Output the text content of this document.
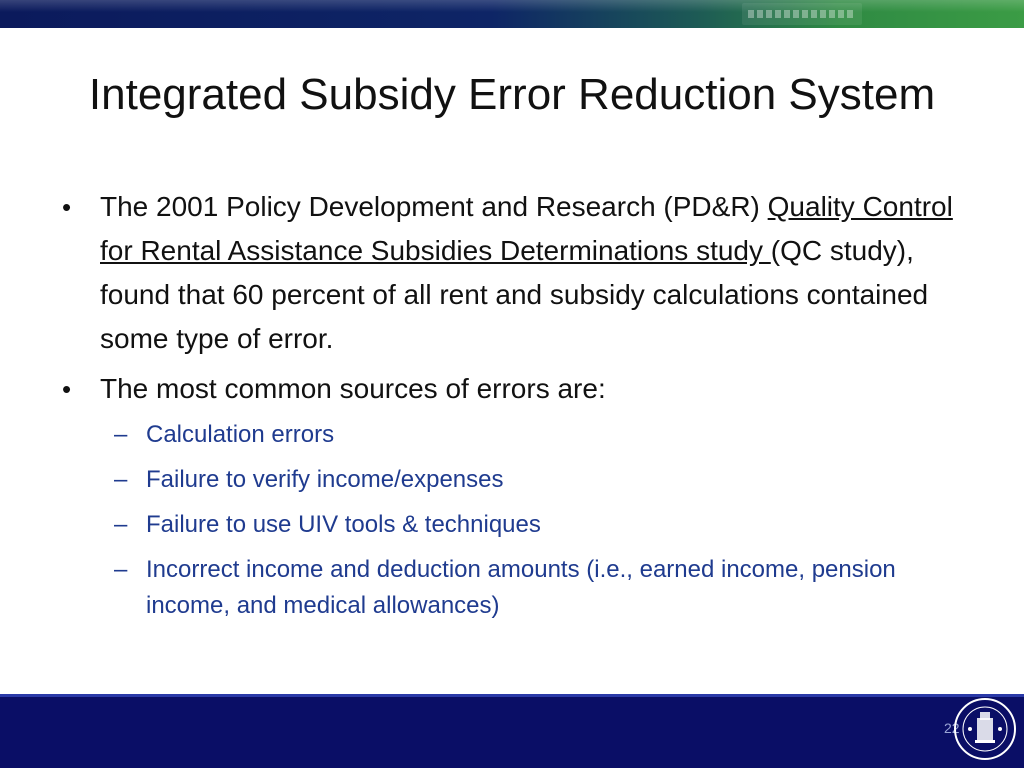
Integrated Subsidy Error Reduction System
•	The 2001 Policy Development and Research (PD&R) Quality Control for Rental Assistance Subsidies Determinations study (QC study), found that 60 percent of all rent and subsidy calculations contained some type of error.
•	The most common sources of errors are:
– Calculation errors
– Failure to verify income/expenses
– Failure to use UIV tools & techniques
– Incorrect income and deduction amounts (i.e., earned income, pension income, and medical allowances)
22
